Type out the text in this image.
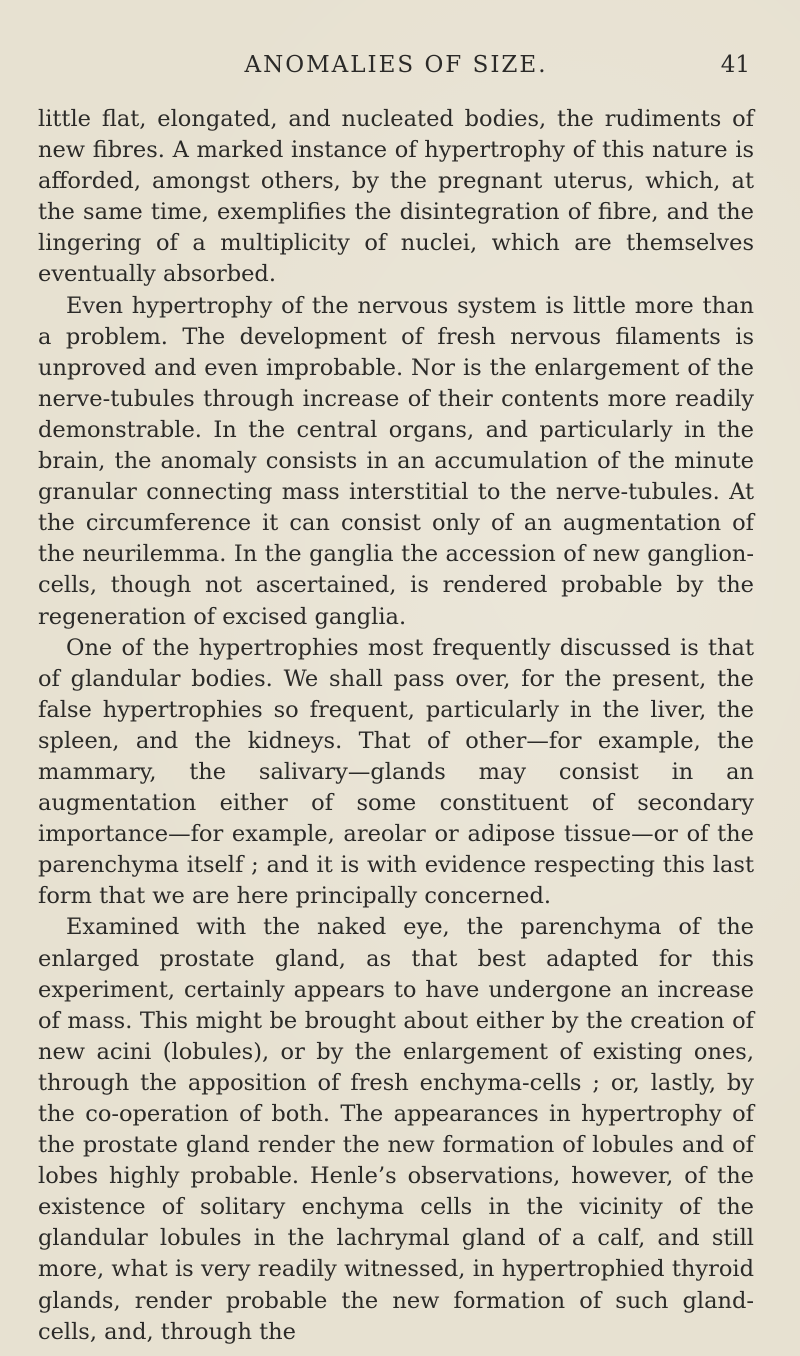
ANOMALIES OF SIZE.	41

little flat, elongated, and nucleated bodies, the rudiments of new fibres. A marked instance of hypertrophy of this nature is afforded, amongst others, by the pregnant uterus, which, at the same time, exemplifies the disintegration of fibre, and the lingering of a multiplicity of nuclei, which are themselves eventually absorbed.

Even hypertrophy of the nervous system is little more than a problem. The development of fresh nervous filaments is unproved and even improbable. Nor is the enlargement of the nerve-tubules through increase of their contents more readily demonstrable. In the central organs, and particularly in the brain, the anomaly consists in an accumulation of the minute granular connecting mass interstitial to the nerve-tubules. At the circumference it can consist only of an augmentation of the neurilemma. In the ganglia the accession of new ganglion-cells, though not ascertained, is rendered probable by the regeneration of excised ganglia.

One of the hypertrophies most frequently discussed is that of glandular bodies. We shall pass over, for the present, the false hypertrophies so frequent, particularly in the liver, the spleen, and the kidneys. That of other—for example, the mammary, the salivary—glands may consist in an augmentation either of some constituent of secondary importance—for example, areolar or adipose tissue—or of the parenchyma itself ; and it is with evidence respecting this last form that we are here principally concerned.

Examined with the naked eye, the parenchyma of the enlarged prostate gland, as that best adapted for this experiment, certainly appears to have undergone an increase of mass. This might be brought about either by the creation of new acini (lobules), or by the enlargement of existing ones, through the apposition of fresh enchyma-cells ; or, lastly, by the co-operation of both. The appearances in hypertrophy of the prostate gland render the new formation of lobules and of lobes highly probable. Henle’s observations, however, of the existence of solitary enchyma cells in the vicinity of the glandular lobules in the lachrymal gland of a calf, and still more, what is very readily witnessed, in hypertrophied thyroid glands, render probable the new formation of such gland-cells, and, through the
